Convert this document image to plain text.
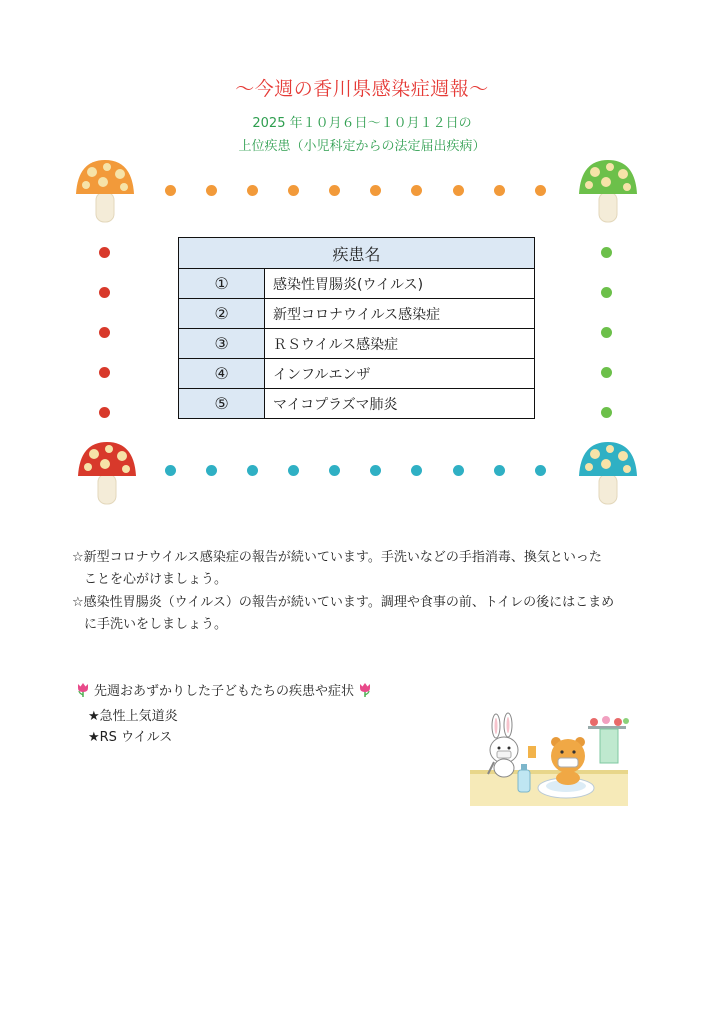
〜今週の香川県感染症週報〜
2025 年１０月６日〜１０月１２日の
上位疾患（小児科定からの法定届出疾病）
疾患名	
①	感染性胃腸炎(ウイルス)
②	新型コロナウイルス感染症
③	ＲＳウイルス感染症
④	インフルエンザ
⑤	マイコプラズマ肺炎
☆新型コロナウイルス感染症の報告が続いています。手洗いなどの手指消毒、換気といった
ことを心がけましょう。
☆感染性胃腸炎（ウイルス）の報告が続いています。調理や食事の前、トイレの後にはこまめ
に手洗いをしましょう。
先週おあずかりした子どもたちの疾患や症状
★急性上気道炎
★RS ウイルス
